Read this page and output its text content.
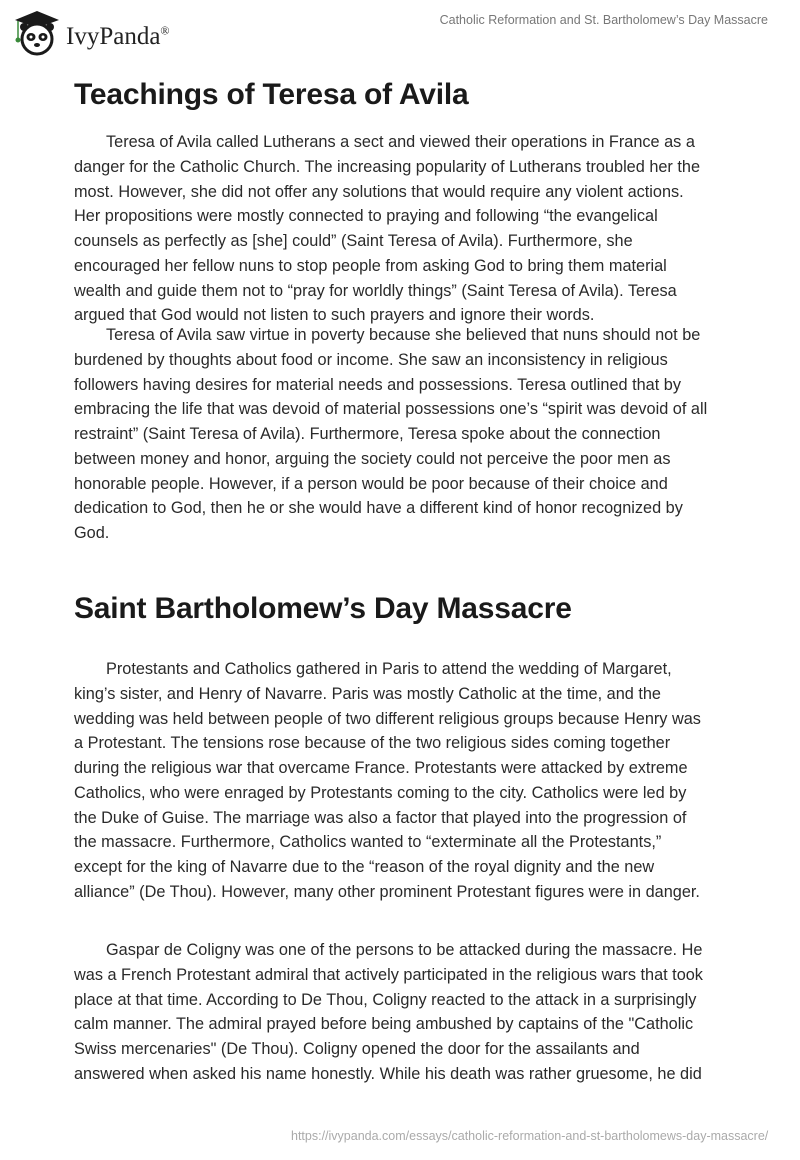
IvyPanda®
Catholic Reformation and St. Bartholomew’s Day Massacre
Teachings of Teresa of Avila
Teresa of Avila called Lutherans a sect and viewed their operations in France as a
danger for the Catholic Church. The increasing popularity of Lutherans troubled her the
most. However, she did not offer any solutions that would require any violent actions.
Her propositions were mostly connected to praying and following “the evangelical
counsels as perfectly as [she] could” (Saint Teresa of Avila). Furthermore, she
encouraged her fellow nuns to stop people from asking God to bring them material
wealth and guide them not to “pray for worldly things” (Saint Teresa of Avila). Teresa
argued that God would not listen to such prayers and ignore their words.
Teresa of Avila saw virtue in poverty because she believed that nuns should not be
burdened by thoughts about food or income. She saw an inconsistency in religious
followers having desires for material needs and possessions. Teresa outlined that by
embracing the life that was devoid of material possessions one’s “spirit was devoid of all
restraint” (Saint Teresa of Avila). Furthermore, Teresa spoke about the connection
between money and honor, arguing the society could not perceive the poor men as
honorable people. However, if a person would be poor because of their choice and
dedication to God, then he or she would have a different kind of honor recognized by
God.
Saint Bartholomew’s Day Massacre
Protestants and Catholics gathered in Paris to attend the wedding of Margaret,
king’s sister, and Henry of Navarre. Paris was mostly Catholic at the time, and the
wedding was held between people of two different religious groups because Henry was
a Protestant. The tensions rose because of the two religious sides coming together
during the religious war that overcame France. Protestants were attacked by extreme
Catholics, who were enraged by Protestants coming to the city. Catholics were led by
the Duke of Guise. The marriage was also a factor that played into the progression of
the massacre. Furthermore, Catholics wanted to “exterminate all the Protestants,”
except for the king of Navarre due to the “reason of the royal dignity and the new
alliance” (De Thou). However, many other prominent Protestant figures were in danger.
Gaspar de Coligny was one of the persons to be attacked during the massacre. He
was a French Protestant admiral that actively participated in the religious wars that took
place at that time. According to De Thou, Coligny reacted to the attack in a surprisingly
calm manner. The admiral prayed before being ambushed by captains of the "Catholic
Swiss mercenaries" (De Thou). Coligny opened the door for the assailants and
answered when asked his name honestly. While his death was rather gruesome, he did
https://ivypanda.com/essays/catholic-reformation-and-st-bartholomews-day-massacre/
